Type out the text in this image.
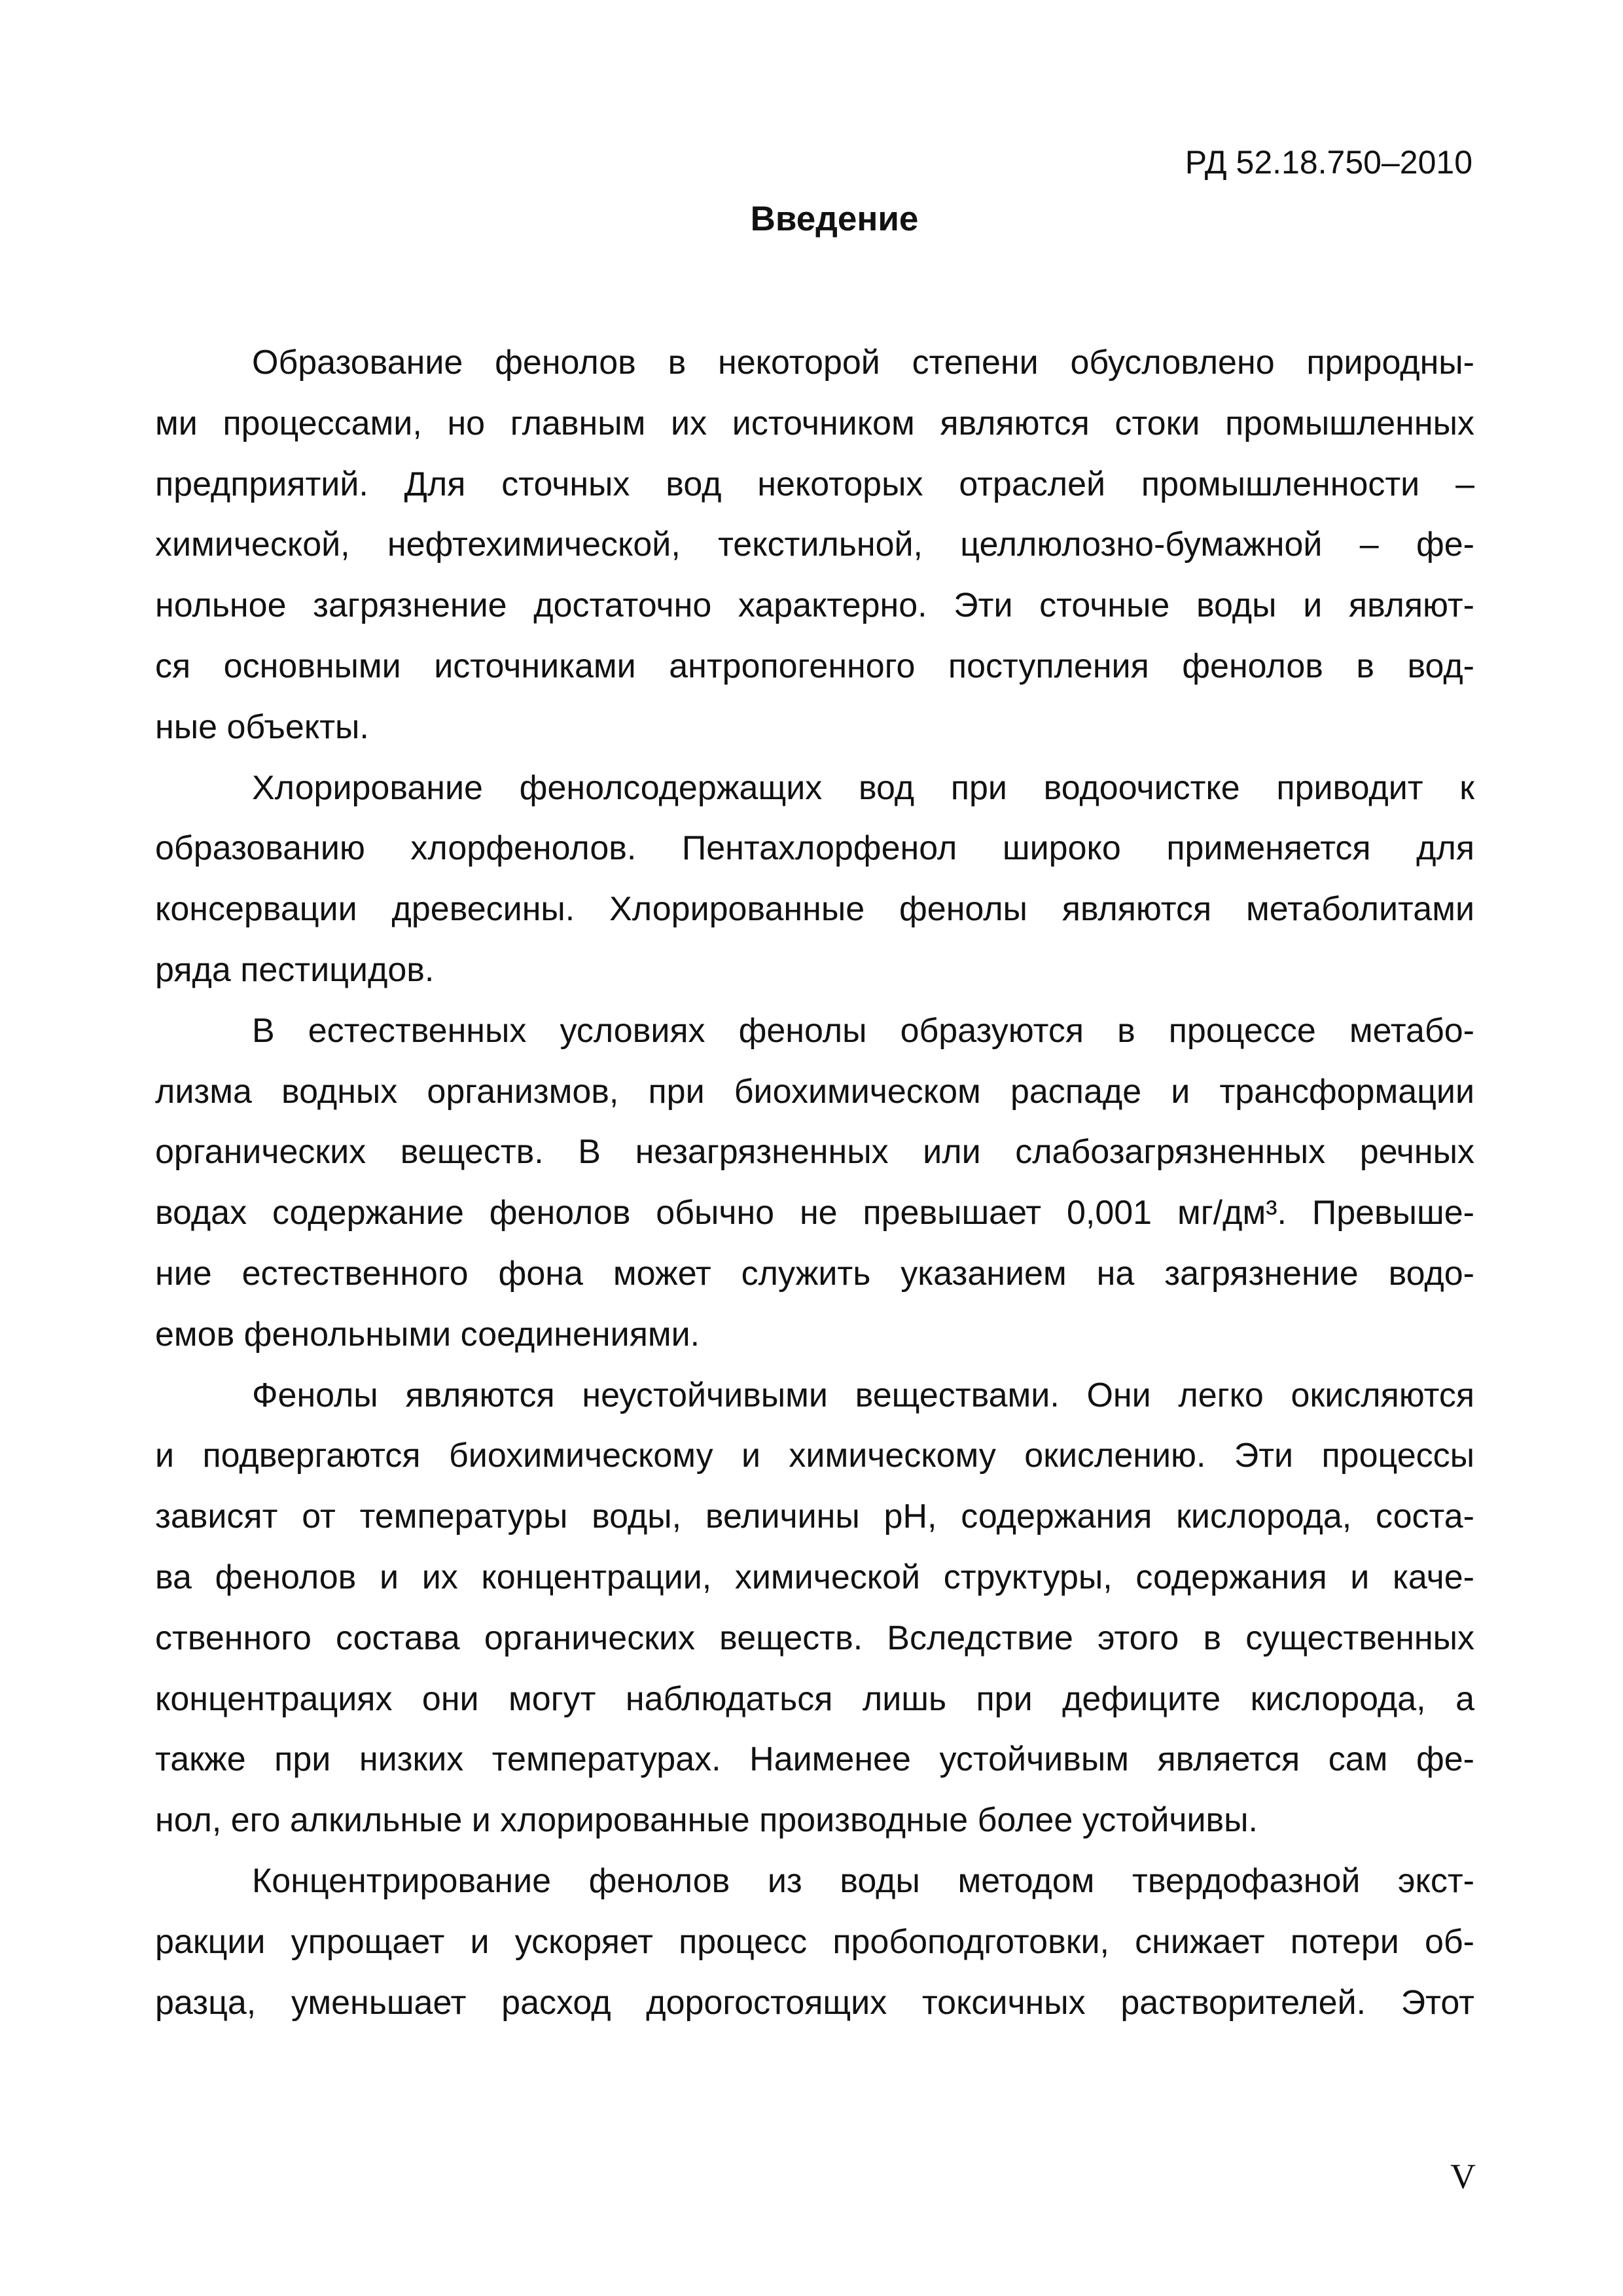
РД 52.18.750–2010
Введение

Образование фенолов в некоторой степени обусловлено природны-

ми процессами, но главным их источником являются стоки промышленных

предприятий. Для сточных вод некоторых отраслей промышленности –

химической, нефтехимической, текстильной, целлюлозно-бумажной – фе-

нольное загрязнение достаточно характерно. Эти сточные воды и являют-

ся основными источниками антропогенного поступления фенолов в вод-

ные объекты.

Хлорирование фенолсодержащих вод при водоочистке приводит к

образованию хлорфенолов. Пентахлорфенол широко применяется для

консервации древесины. Хлорированные фенолы являются метаболитами

ряда пестицидов.

В естественных условиях фенолы образуются в процессе метабо-

лизма водных организмов, при биохимическом распаде и трансформации

органических веществ. В незагрязненных или слабозагрязненных речных

водах содержание фенолов обычно не превышает 0,001 мг/дм³. Превыше-

ние естественного фона может служить указанием на загрязнение водо-

емов фенольными соединениями.

Фенолы являются неустойчивыми веществами. Они легко окисляются

и подвергаются биохимическому и химическому окислению. Эти процессы

зависят от температуры воды, величины pH, содержания кислорода, соста-

ва фенолов и их концентрации, химической структуры, содержания и каче-

ственного состава органических веществ. Вследствие этого в существенных

концентрациях они могут наблюдаться лишь при дефиците кислорода, а

также при низких температурах. Наименее устойчивым является сам фе-

нол, его алкильные и хлорированные производные более устойчивы.

Концентрирование фенолов из воды методом твердофазной экст-

ракции упрощает и ускоряет процесс пробоподготовки, снижает потери об-

разца, уменьшает расход дорогостоящих токсичных растворителей. Этот

V
